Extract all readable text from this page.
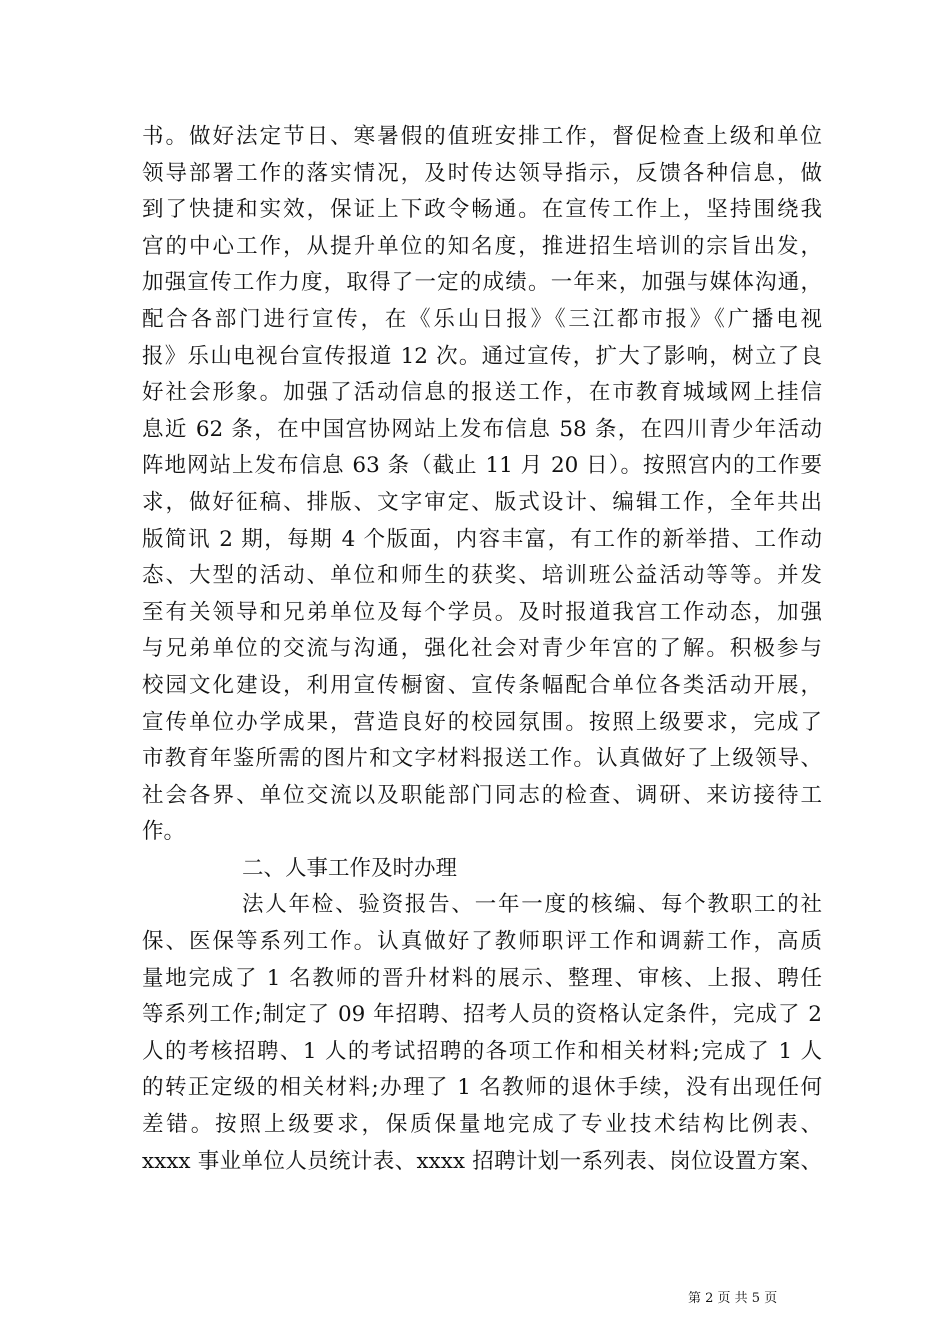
书。做好法定节日、寒暑假的值班安排工作，督促检查上级和单位
领导部署工作的落实情况，及时传达领导指示，反馈各种信息，做
到了快捷和实效，保证上下政令畅通。在宣传工作上，坚持围绕我
宫的中心工作，从提升单位的知名度，推进招生培训的宗旨出发，
加强宣传工作力度，取得了一定的成绩。一年来，加强与媒体沟通，
配合各部门进行宣传，在《乐山日报》《三江都市报》《广播电视
报》乐山电视台宣传报道 12 次。通过宣传，扩大了影响，树立了良
好社会形象。加强了活动信息的报送工作，在市教育城域网上挂信
息近 62 条，在中国宫协网站上发布信息 58 条，在四川青少年活动
阵地网站上发布信息 63 条（截止 11 月 20 日）。按照宫内的工作要
求，做好征稿、排版、文字审定、版式设计、编辑工作，全年共出
版简讯 2 期，每期 4 个版面，内容丰富，有工作的新举措、工作动
态、大型的活动、单位和师生的获奖、培训班公益活动等等。并发
至有关领导和兄弟单位及每个学员。及时报道我宫工作动态，加强
与兄弟单位的交流与沟通，强化社会对青少年宫的了解。积极参与
校园文化建设，利用宣传橱窗、宣传条幅配合单位各类活动开展，
宣传单位办学成果，营造良好的校园氛围。按照上级要求，完成了
市教育年鉴所需的图片和文字材料报送工作。认真做好了上级领导、
社会各界、单位交流以及职能部门同志的检查、调研、来访接待工
作。
二、人事工作及时办理
法人年检、验资报告、一年一度的核编、每个教职工的社
保、医保等系列工作。认真做好了教师职评工作和调薪工作，高质
量地完成了 1 名教师的晋升材料的展示、整理、审核、上报、聘任
等系列工作;制定了 09 年招聘、招考人员的资格认定条件，完成了 2
人的考核招聘、1 人的考试招聘的各项工作和相关材料;完成了 1 人
的转正定级的相关材料;办理了 1 名教师的退休手续，没有出现任何
差错。按照上级要求，保质保量地完成了专业技术结构比例表、
xxxx 事业单位人员统计表、xxxx 招聘计划一系列表、岗位设置方案、
第 2 页 共 5 页
